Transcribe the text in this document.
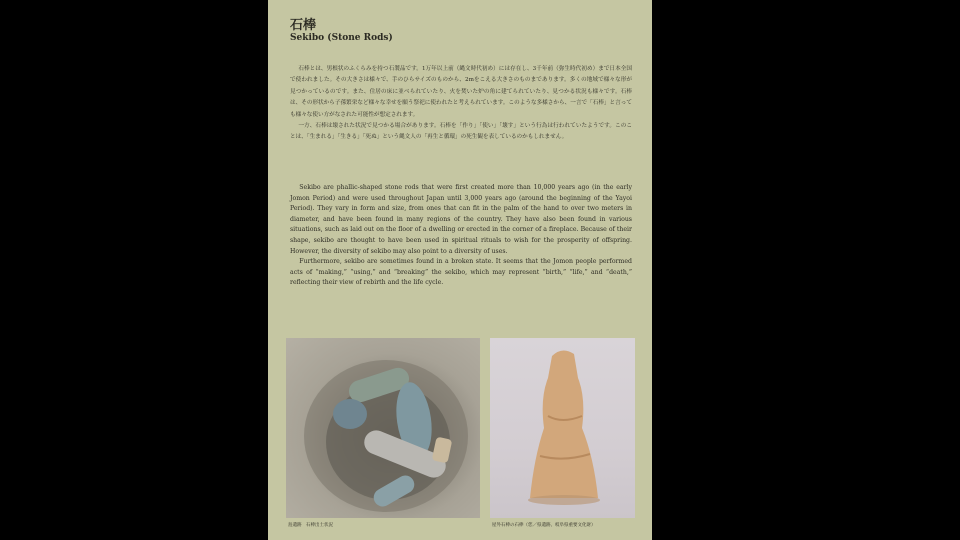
石棒
Sekibo (Stone Rods)

石棒とは、男根状のふくらみを持つ石製品です。1万年以上前（縄文時代初め）には存在し、3千年前（弥生時代初め）まで日本全国で使われました。その大きさは様々で、手のひらサイズのものから、2mをこえる大きさのものまであります。多くの地域で様々な形が見つかっているのです。また、住居の床に並べられていたり、火を焚いた炉の角に建てられていたり、見つかる状況も様々です。石棒は、その形状から子孫繁栄など様々な幸せを願う祭祀に使われたと考えられています。このような多様さから、一言で「石棒」と言っても様々な使い方がなされた可能性が想定されます。

一方、石棒は壊された状況で見つかる場合があります。石棒を「作り」「使い」「壊す」という行為は行われていたようです。このことは、「生まれる」「生きる」「死ぬ」という縄文人の「再生と循環」の死生観を表しているのかもしれません。

Sekibo are phallic-shaped stone rods that were first created more than 10,000 years ago (in the early Jomon Period) and were used throughout Japan until 3,000 years ago (around the beginning of the Yayoi Period). They vary in form and size, from ones that can fit in the palm of the hand to over two meters in diameter, and have been found in many regions of the country. They have also been found in various situations, such as laid out on the floor of a dwelling or erected in the corner of a fireplace. Because of their shape, sekibo are thought to have been used in spiritual rituals to wish for the prosperity of offspring. However, the diversity of sekibo may also point to a diversity of uses.

Furthermore, sekibo are sometimes found in a broken state. It seems that the Jomon people performed acts of “making,” “using,” and “breaking” the sekibo, which may represent “birth,” “life,” and “death,” reflecting their view of rebirth and the life cycle.

島遺跡　石棒出土状況	屋外石棒の石棒（您／県遺跡、岐阜県重要文化財）
